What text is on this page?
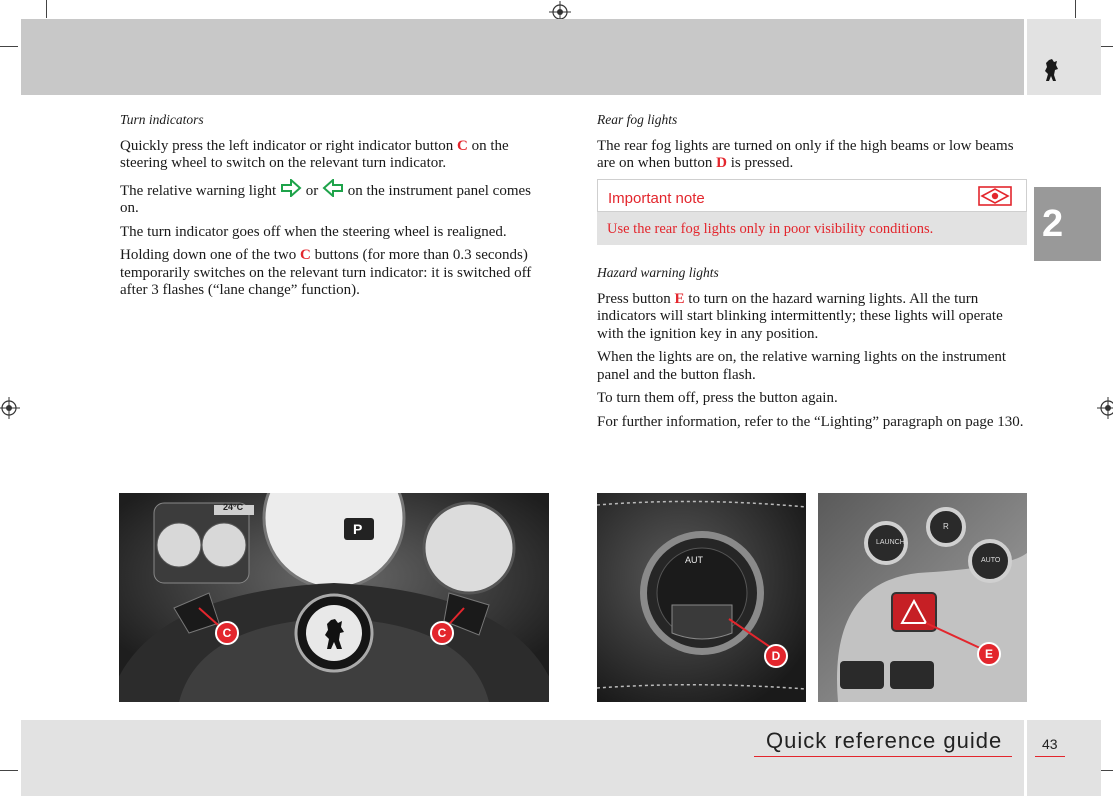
2
Turn indicators

Quickly press the left indicator or right indicator button C on the steering wheel to switch on the relevant turn indicator.

The relative warning light  or  on the instrument panel comes on.

The turn indicator goes off when the steering wheel is realigned.

Holding down one of the two C buttons (for more than 0.3 seconds) temporarily switches on the relevant turn indicator: it is switched off after 3 flashes (“lane change” function).

Rear fog lights

The rear fog lights are turned on only if the high beams or low beams are on when button D is pressed.

Important note
Use the rear fog lights only in poor visibility conditions.
Hazard warning lights

Press button E to turn on the hazard warning lights. All the turn indicators will start blinking intermittently; these lights will operate with the ignition key in any position.

When the lights are on, the relative warning lights on the instrument panel and the button flash.

To turn them off, press the button again.

For further information, refer to the “Lighting” paragraph on page 130.

24°C
P
C	C
AUT
D
LAUNCH
R
AUTO
E
Quick reference guide	43
